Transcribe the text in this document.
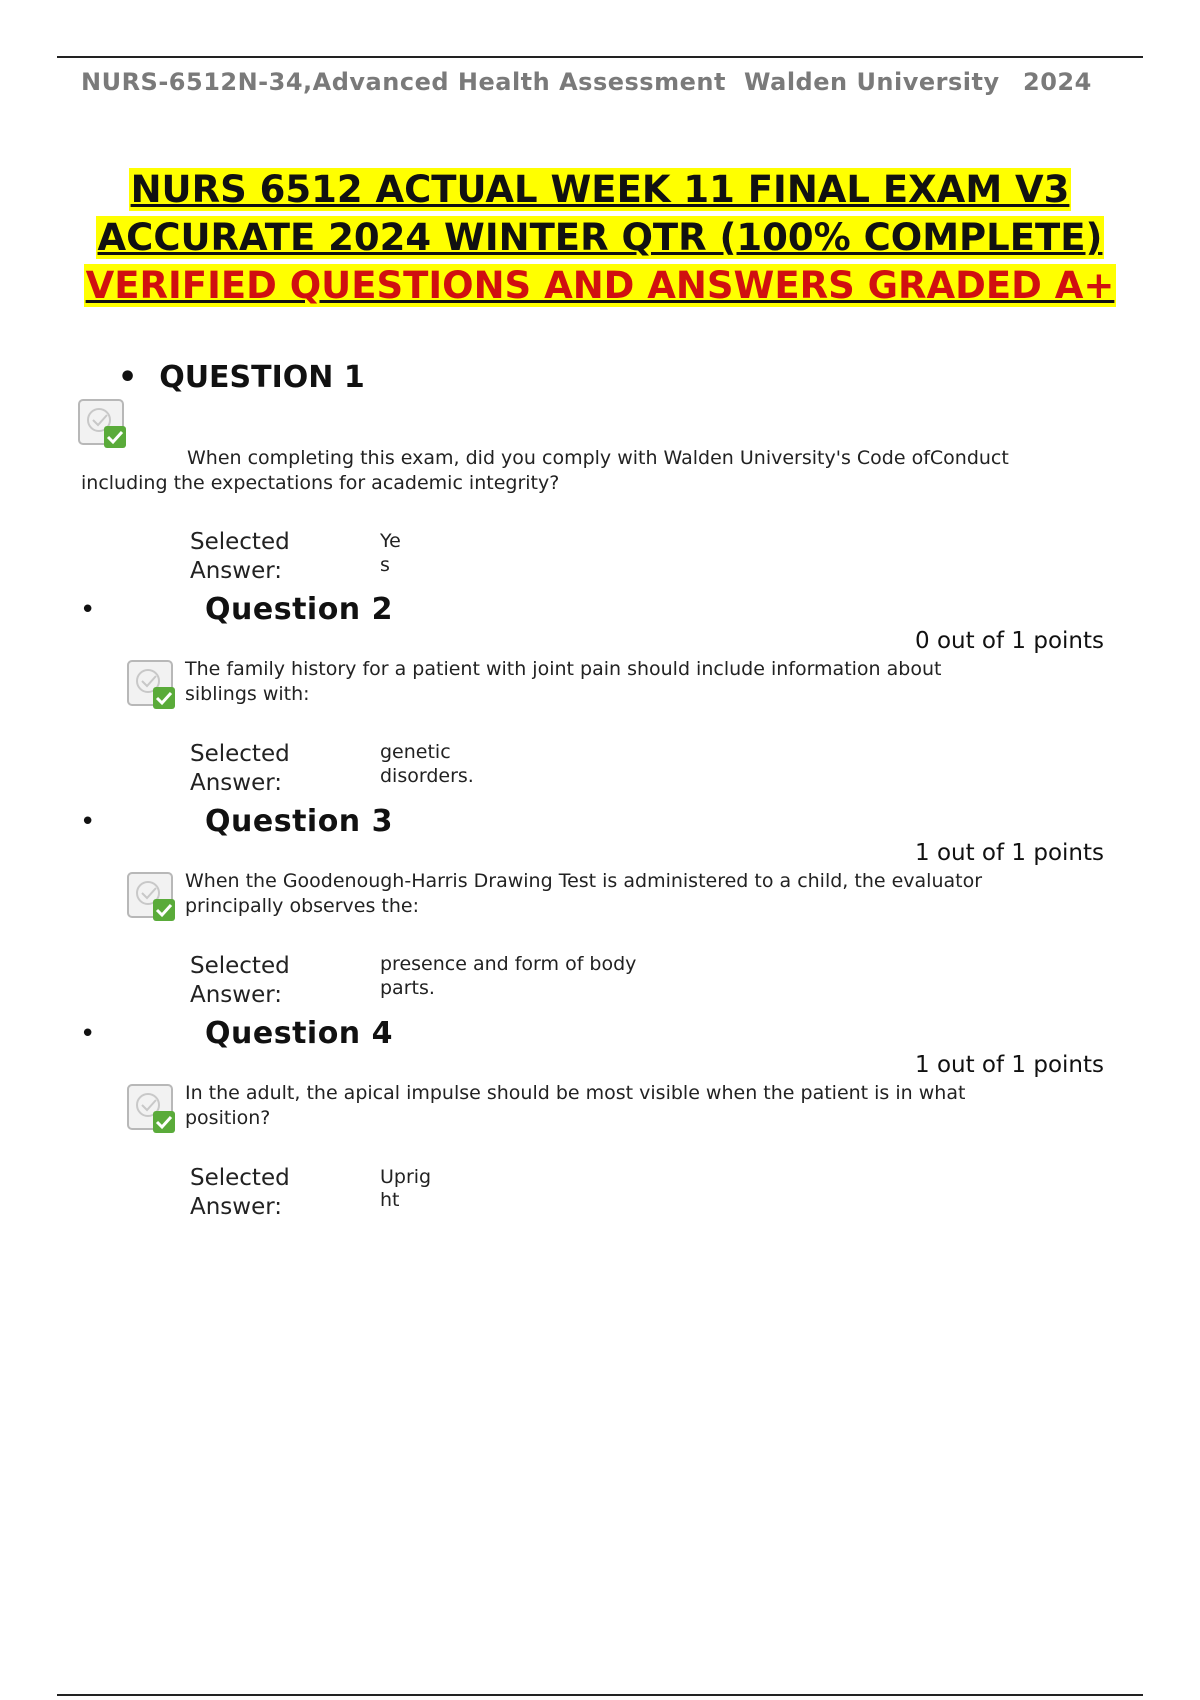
NURS-6512N-34,Advanced Health Assessment Walden University 2024
NURS 6512 ACTUAL WEEK 11 FINAL EXAM V3
ACCURATE 2024 WINTER QTR (100% COMPLETE)
VERIFIED QUESTIONS AND ANSWERS GRADED A+
• QUESTION 1
When completing this exam, did you comply with Walden University's Code ofConduct
including the expectations for academic integrity?
Selected
Answer:
Ye
s
•	Question 2
0 out of 1 points
The family history for a patient with joint pain should include information about
siblings with:
Selected
Answer:
genetic
disorders.
•	Question 3
1 out of 1 points
When the Goodenough-Harris Drawing Test is administered to a child, the evaluator
principally observes the:
Selected
Answer:
presence and form of body
parts.
•	Question 4
1 out of 1 points
In the adult, the apical impulse should be most visible when the patient is in what
position?
Selected
Answer:
Uprig
ht
